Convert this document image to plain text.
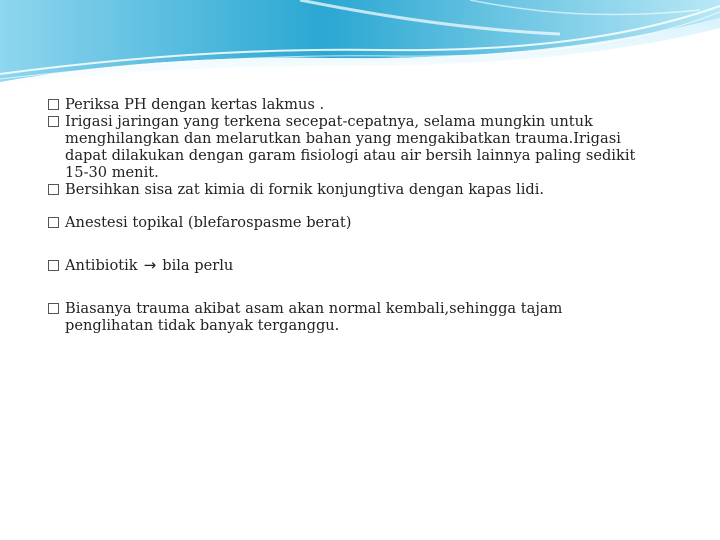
Periksa PH dengan kertas lakmus .
Irigasi jaringan yang terkena secepat-cepatnya, selama mungkin untuk menghilangkan dan melarutkan bahan yang mengakibatkan trauma.Irigasi dapat dilakukan dengan garam fisiologi atau air bersih lainnya paling sedikit 15-30 menit.
Bersihkan sisa zat kimia di fornik konjungtiva dengan kapas lidi.
Anestesi topikal (blefarospasme berat)
Antibiotik → bila perlu
Biasanya trauma akibat asam akan normal kembali,sehingga tajam penglihatan tidak banyak terganggu.
